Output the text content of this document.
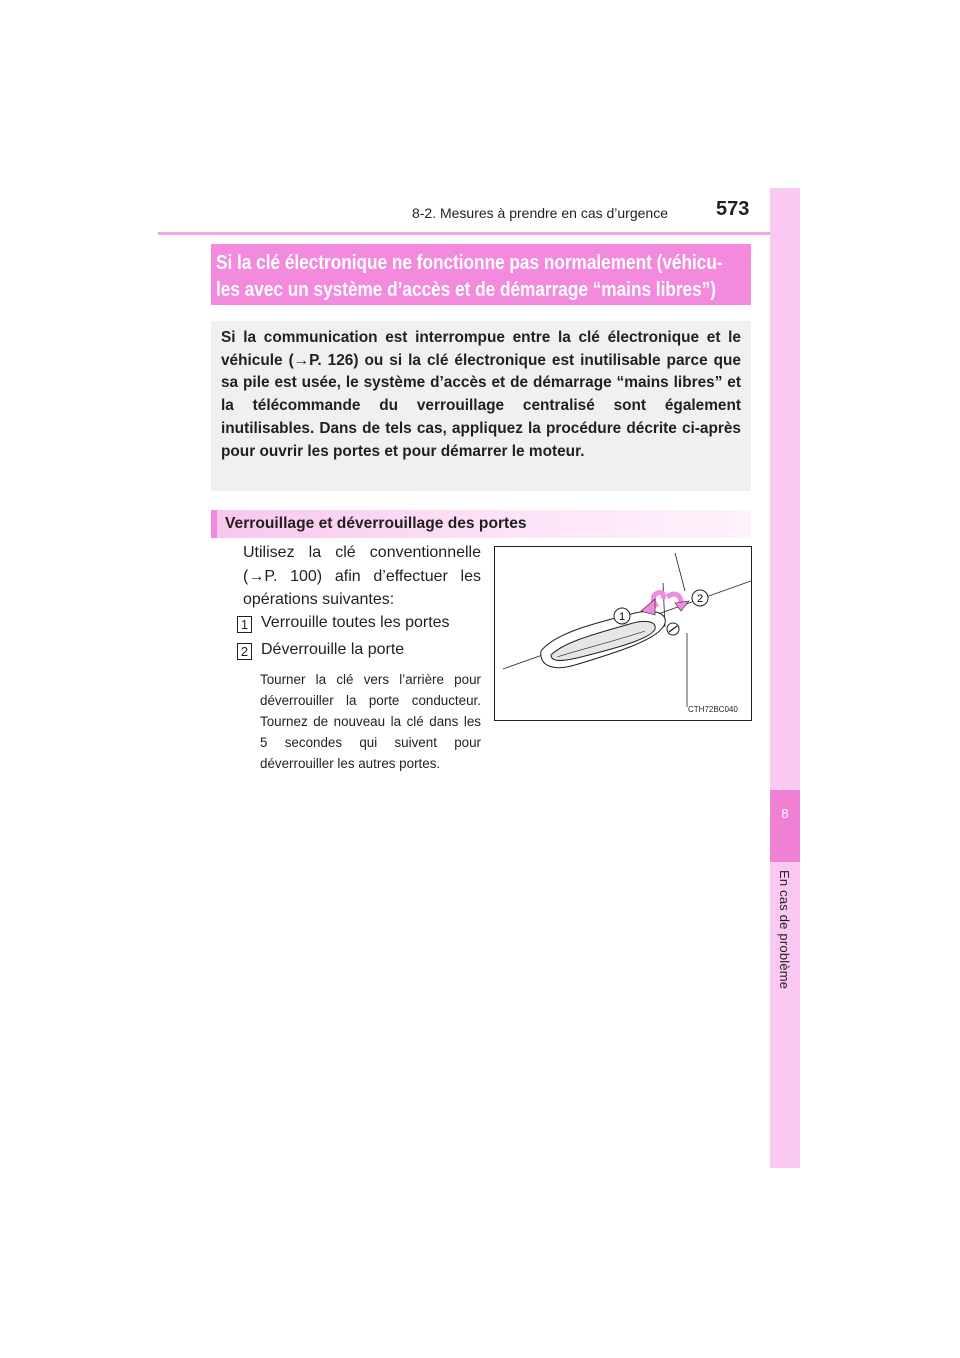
8-2. Mesures à prendre en cas d’urgence 573
8
En cas de problème
Si la clé électronique ne fonctionne pas normalement (véhicu-
les avec un système d’accès et de démarrage “mains libres”)

Si la communication est interrompue entre la clé électronique et le véhicule (→P. 126) ou si la clé électronique est inutilisable parce que sa pile est usée, le système d’accès et de démarrage “mains libres” et la télécommande du verrouillage centralisé sont également inutilisables. Dans de tels cas, appliquez la procédure décrite ci-après pour ouvrir les portes et pour démarrer le moteur.

Verrouillage et déverrouillage des portes

Utilisez la clé conventionnelle (→P. 100) afin d’effectuer les opérations suivantes:

1 Verrouille toutes les portes
2 Déverrouille la porte
Tourner la clé vers l’arrière pour déverrouiller la porte conducteur. Tournez de nouveau la clé dans les 5 secondes qui suivent pour déverrouiller les autres portes.
1
2
CTH72BC040
